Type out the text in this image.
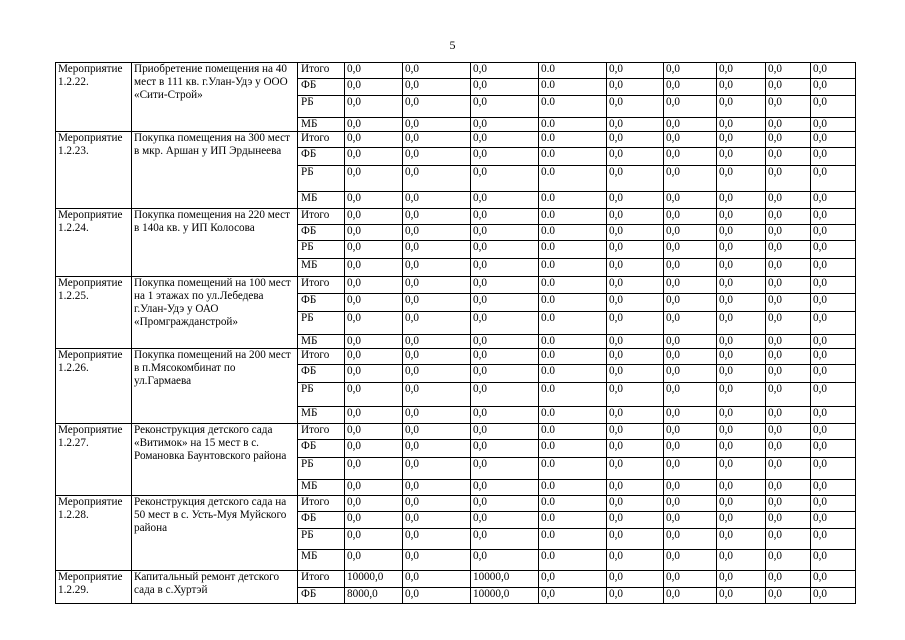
5
Мероприятие 1.2.22.	Приобретение помещения на 40 мест в 111 кв. г.Улан-Удэ у ООО «Сити-Строй»	Итого	0,0	0,0	0,0	0.0	0,0	0,0	0,0	0,0	0,0
		ФБ	0,0	0,0	0,0	0.0	0,0	0,0	0,0	0,0	0,0
		РБ	0,0	0,0	0,0	0.0	0,0	0,0	0,0	0,0	0,0
		МБ	0,0	0,0	0,0	0.0	0,0	0,0	0,0	0,0	0,0
Мероприятие 1.2.23.	Покупка помещения на 300 мест в мкр. Аршан у ИП Эрдынеева	Итого	0,0	0,0	0,0	0.0	0,0	0,0	0,0	0,0	0,0
		ФБ	0,0	0,0	0,0	0.0	0,0	0,0	0,0	0,0	0,0
		РБ	0,0	0,0	0,0	0.0	0,0	0,0	0,0	0,0	0,0
		МБ	0,0	0,0	0,0	0.0	0,0	0,0	0,0	0,0	0,0
Мероприятие 1.2.24.	Покупка помещения на 220 мест в 140а кв. у ИП Колосова	Итого	0,0	0,0	0,0	0.0	0,0	0,0	0,0	0,0	0,0
		ФБ	0,0	0,0	0,0	0.0	0,0	0,0	0,0	0,0	0,0
		РБ	0,0	0,0	0,0	0.0	0,0	0,0	0,0	0,0	0,0
		МБ	0,0	0,0	0,0	0.0	0,0	0,0	0,0	0,0	0,0
Мероприятие 1.2.25.	Покупка помещений на 100 мест на 1 этажах по ул.Лебедева г.Улан-Удэ у ОАО «Промгражданстрой»	Итого	0,0	0,0	0,0	0.0	0,0	0,0	0,0	0,0	0,0
		ФБ	0,0	0,0	0,0	0.0	0,0	0,0	0,0	0,0	0,0
		РБ	0,0	0,0	0,0	0.0	0,0	0,0	0,0	0,0	0,0
		МБ	0,0	0,0	0,0	0.0	0,0	0,0	0,0	0,0	0,0
Мероприятие 1.2.26.	Покупка помещений на 200 мест в п.Мясокомбинат по ул.Гармаева	Итого	0,0	0,0	0,0	0.0	0,0	0,0	0,0	0,0	0,0
		ФБ	0,0	0,0	0,0	0.0	0,0	0,0	0,0	0,0	0,0
		РБ	0,0	0,0	0,0	0.0	0,0	0,0	0,0	0,0	0,0
		МБ	0,0	0,0	0,0	0.0	0,0	0,0	0,0	0,0	0,0
Мероприятие 1.2.27.	Реконструкция детского сада «Витимок» на 15 мест в с. Романовка Баунтовского района	Итого	0,0	0,0	0,0	0.0	0,0	0,0	0,0	0,0	0,0
		ФБ	0,0	0,0	0,0	0.0	0,0	0,0	0,0	0,0	0,0
		РБ	0,0	0,0	0,0	0.0	0,0	0,0	0,0	0,0	0,0
		МБ	0,0	0,0	0,0	0.0	0,0	0,0	0,0	0,0	0,0
Мероприятие 1.2.28.	Реконструкция детского сада на 50 мест в с. Усть-Муя Муйского района	Итого	0,0	0,0	0,0	0.0	0,0	0,0	0,0	0,0	0,0
		ФБ	0,0	0,0	0,0	0.0	0,0	0,0	0,0	0,0	0,0
		РБ	0,0	0,0	0,0	0.0	0,0	0,0	0,0	0,0	0,0
		МБ	0,0	0,0	0,0	0.0	0,0	0,0	0,0	0,0	0,0
Мероприятие 1.2.29.	Капитальный ремонт детского сада в с.Хуртэй	Итого	10000,0	0,0	10000,0	0,0	0,0	0,0	0,0	0,0	0,0
		ФБ	8000,0	0,0	10000,0	0,0	0,0	0,0	0,0	0,0	0,0
